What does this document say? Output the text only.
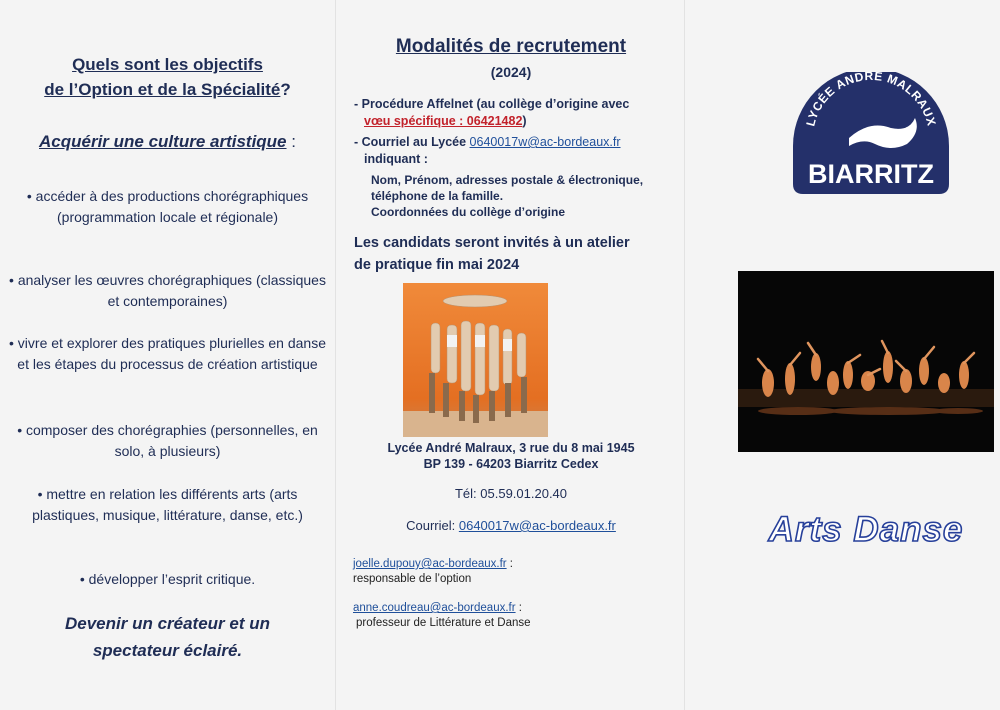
Quels sont les objectifs
de l’Option et de la Spécialité?
Acquérir une culture artistique :
• accéder à des productions chorégraphiques (programmation locale et régionale)
• analyser les œuvres chorégraphiques (classiques et contemporaines)
• vivre et explorer des pratiques plurielles en danse et les étapes du processus de création artistique
• composer des chorégraphies (personnelles, en solo, à plusieurs)
• mettre en relation les différents arts (arts plastiques, musique, littérature, danse, etc.)
• développer l’esprit critique.
Devenir un créateur et un
spectateur éclairé.
Modalités de recrutement
(2024)
- Procédure Affelnet (au collège d’origine avec
vœu spécifique : 06421482)
- Courriel au Lycée 0640017w@ac-bordeaux.fr
indiquant :
Nom, Prénom, adresses postale & électronique,
téléphone de la famille.
Coordonnées du collège d’origine
Les candidats seront invités à un atelier
de pratique fin mai 2024
Lycée André Malraux, 3 rue du 8 mai 1945
BP 139 - 64203 Biarritz Cedex
Tél: 05.59.01.20.40
Courriel: 0640017w@ac-bordeaux.fr
joelle.dupouy@ac-bordeaux.fr :
responsable de l’option
anne.coudreau@ac-bordeaux.fr :
professeur de Littérature et Danse
LYCÉE ANDRÉ MALRAUX
BIARRITZ
Arts Danse
